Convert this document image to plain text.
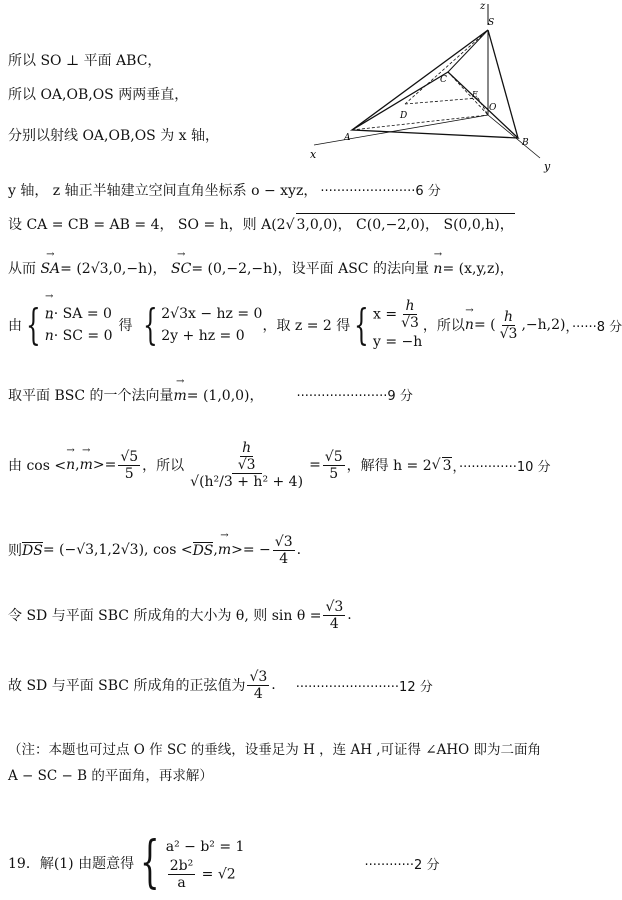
z
S
C
E
D
O
A	B
x
y
所以 SO ⊥ 平面 ABC，
所以 OA,OB,OS 两两垂直，
分别以射线 OA,OB,OS 为 x 轴，
y 轴， z 轴正半轴建立空间直角坐标系 o − xyz， ·······················6 分
设 CA = CB = AB = 4， SO = h，则 A(2√ 3,0,0)， C(0,−2,0)， S(0,0,h)，
从而 → SA= (2√3,0,−h)， → SC= (0,−2,−h)，设平面 ASC 的法向量 → n= (x,y,z)，
由 { → n· SA = 0
→ n· SC = 0
得 { 2√3x − hz = 0
2y + hz = 0
，取 z = 2 得 { $x = \frac{h}{√3}$
y = −h
，所以 → n = ( $\frac{h}{√3} ,-h,2$) ，······8 分
取平面 BSC 的一个法向量→ m= (1,0,0)，	······················9 分
由 cos < → n , → $m >= \frac{√5}{5}$ ，所以 $\frac{\frac{h}{√3}}{\text{√(h²/3 + h² + 4)}} = \frac{√5}{5}$ ，解得 h = 2 √ 3 ，··············10 分
则 DS = (− √ 3,1,2 √ 3), cos < DS , → m >= − $\frac{√3}{4}$ .
令 SD 与平面 SBC 所成角的大小为 θ, 则 $\sin \theta = \frac{√3}{4}$ .
故 SD 与平面 SBC 所成角的正弦值为 $\frac{√3}{4}$ . ·························12 分
（注：本题也可过点 O 作 SC 的垂线，设垂足为 H ，连 AH ,可证得 ∠AHO 即为二面角
A − SC − B 的平面角，再求解）
19．解(1) 由题意得 { a² − b² = 1
$\frac{\text{2b²}}{a} = √2$
············2 分
